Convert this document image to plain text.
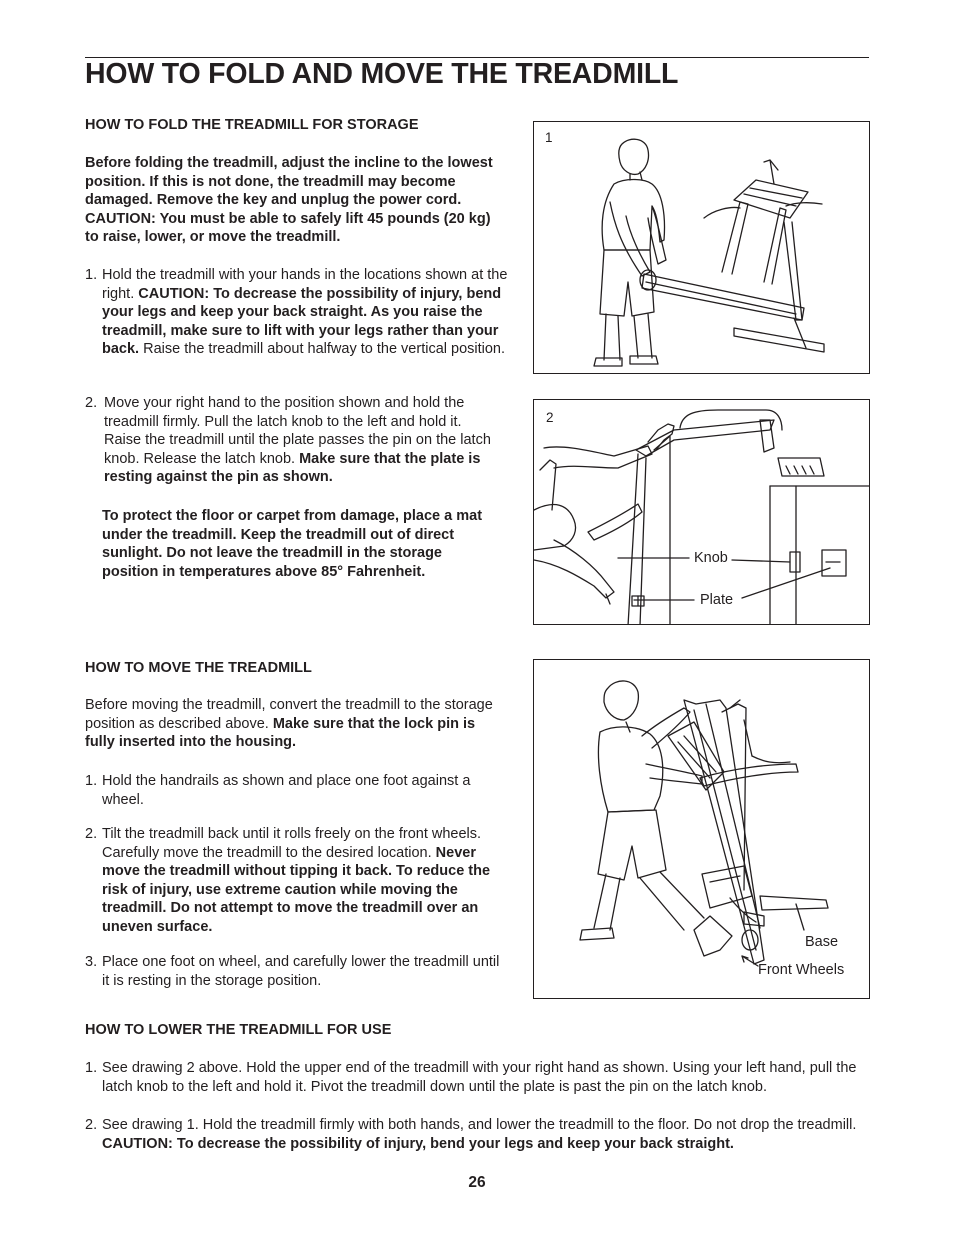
HOW TO FOLD AND MOVE THE TREADMILL
HOW TO FOLD THE TREADMILL FOR STORAGE
Before folding the treadmill, adjust the incline to the lowest position. If this is not done, the treadmill may become damaged. Remove the key and unplug the power cord. CAUTION: You must be able to safely lift 45 pounds (20 kg) to raise, lower, or move the treadmill.
1. Hold the treadmill with your hands in the locations shown at the right. CAUTION: To decrease the possibility of injury, bend your legs and keep your back straight. As you raise the treadmill, make sure to lift with your legs rather than your back. Raise the treadmill about halfway to the vertical position.
2. Move your right hand to the position shown and hold the treadmill firmly. Pull the latch knob to the left and hold it. Raise the treadmill until the plate passes the pin on the latch knob. Release the latch knob. Make sure that the plate is resting against the pin as shown.
To protect the floor or carpet from damage, place a mat under the treadmill. Keep the treadmill out of direct sunlight. Do not leave the treadmill in the storage position in temperatures above 85° Fahrenheit.
1
2
Knob
Plate
HOW TO MOVE THE TREADMILL
Before moving the treadmill, convert the treadmill to the storage position as described above. Make sure that the lock pin is fully inserted into the housing.
1. Hold the handrails as shown and place one foot against a wheel.
2. Tilt the treadmill back until it rolls freely on the front wheels. Carefully move the treadmill to the desired location. Never move the treadmill without tipping it back. To reduce the risk of injury, use extreme caution while moving the treadmill. Do not attempt to move the treadmill over an uneven surface.
3. Place one foot on wheel, and carefully lower the treadmill until it is resting in the storage position.
Base
Front Wheels
HOW TO LOWER THE TREADMILL FOR USE
1. See drawing 2 above. Hold the upper end of the treadmill with your right hand as shown. Using your left hand, pull the latch knob to the left and hold it. Pivot the treadmill down until the plate is past the pin on the latch knob.
2. See drawing 1. Hold the treadmill firmly with both hands, and lower the treadmill to the floor. Do not drop the treadmill. CAUTION: To decrease the possibility of injury, bend your legs and keep your back straight.
26
